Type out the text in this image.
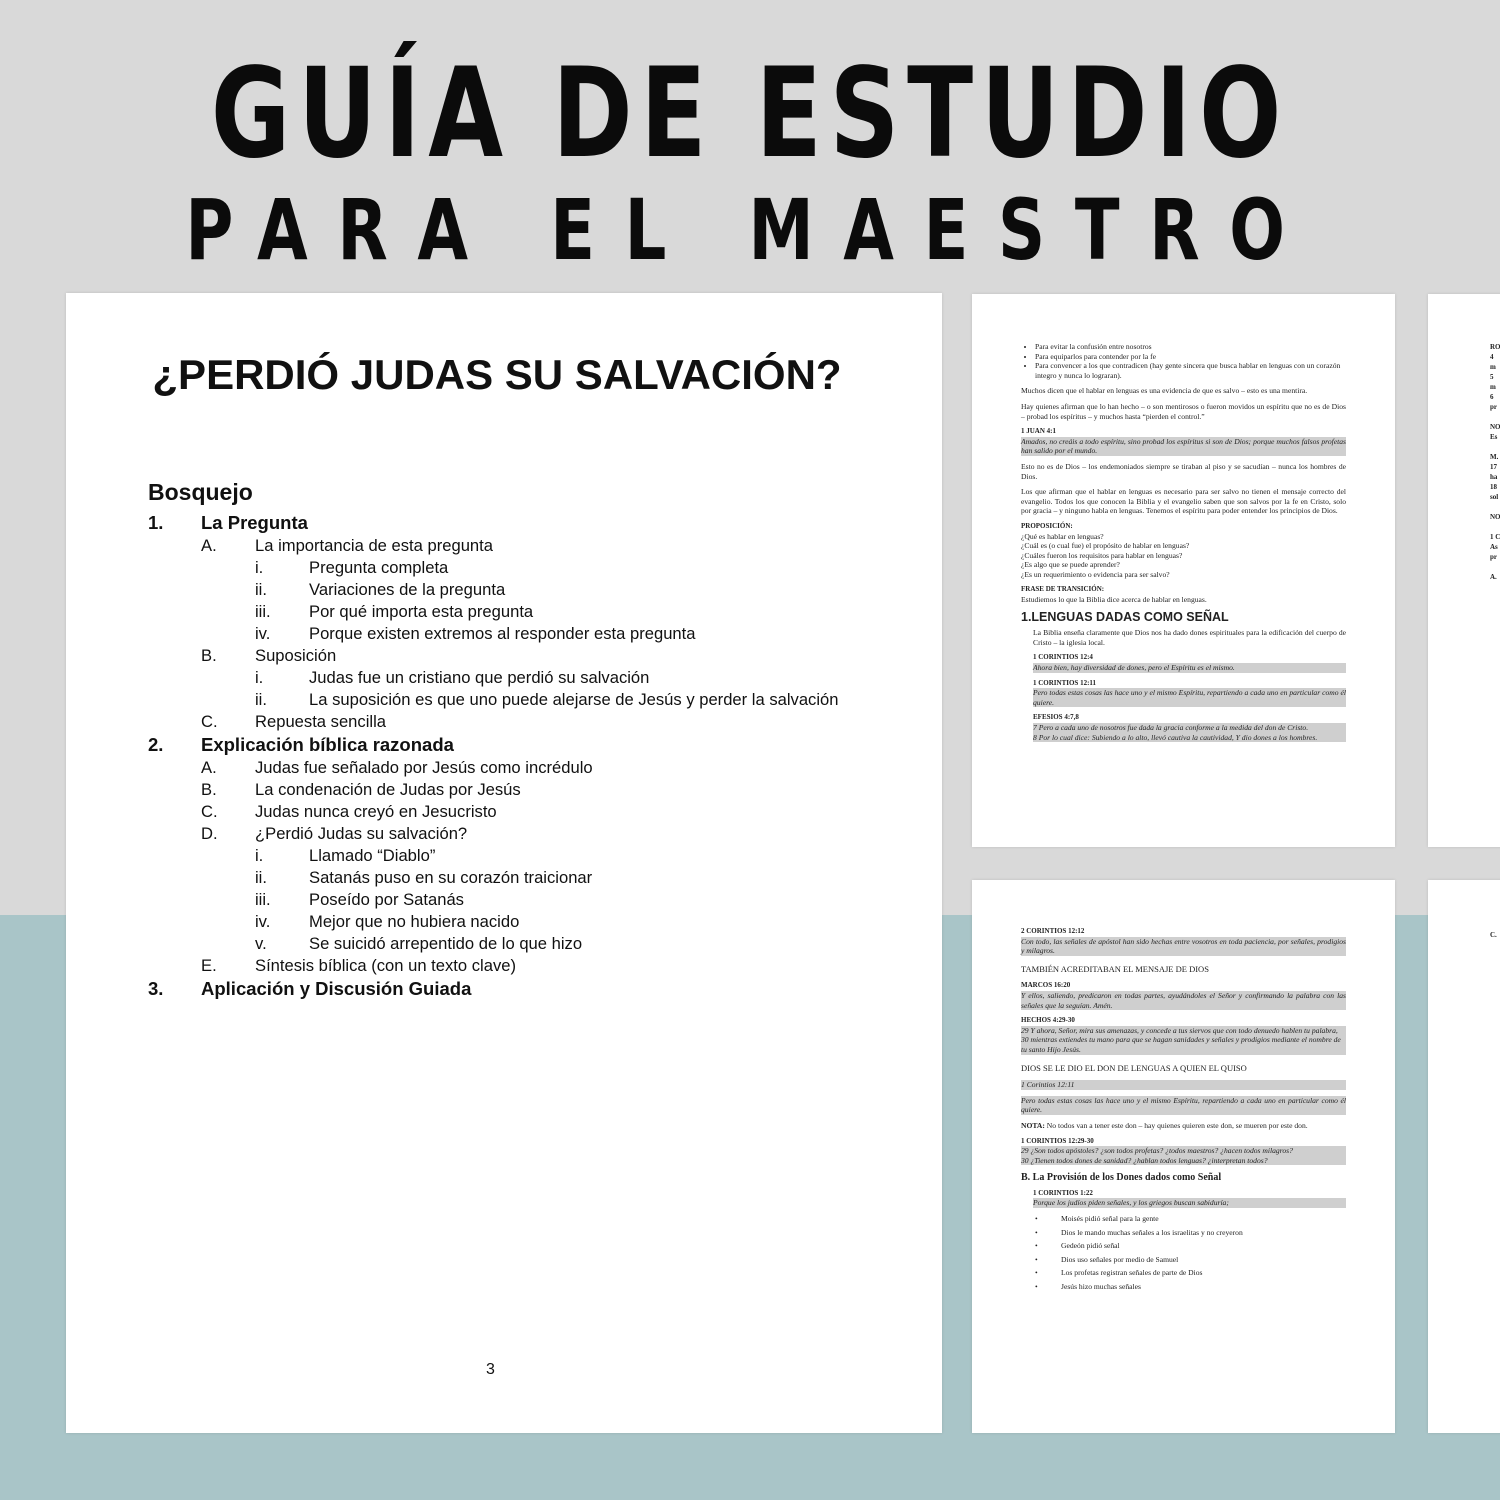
GUÍA DE ESTUDIO
PARA EL MAESTRO
¿PERDIÓ JUDAS SU SALVACIÓN?
Bosquejo
1. La Pregunta
A. La importancia de esta pregunta
i.	Pregunta completa
ii.	Variaciones de la pregunta
iii. Por qué importa esta pregunta
iv. Porque existen extremos al responder esta pregunta
B. Suposición
i.	Judas fue un cristiano que perdió su salvación
ii.	La suposición es que uno puede alejarse de Jesús y perder la salvación
C. Repuesta sencilla
2. Explicación bíblica razonada
A. Judas fue señalado por Jesús como incrédulo
B. La condenación de Judas por Jesús
C. Judas nunca creyó en Jesucristo
D. ¿Perdió Judas su salvación?
i.	Llamado “Diablo”
ii.	Satanás puso en su corazón traicionar
iii. Poseído por Satanás
iv. Mejor que no hubiera nacido
v.	Se suicidó arrepentido de lo que hizo
E. Síntesis bíblica (con un texto clave)
3. Aplicación y Discusión Guiada
3
• Para evitar la confusión entre nosotros
• Para equiparlos para contender por la fe
• Para convencer a los que contradicen (hay gente sincera que busca hablar en lenguas con un corazón integro y nunca lo lograran).

Muchos dicen que el hablar en lenguas es una evidencia de que es salvo – esto es una mentira.

Hay quienes afirman que lo han hecho – o son mentirosos o fueron movidos un espíritu que no es de Dios – probad los espíritus – y muchos hasta “pierden el control.”

1 JUAN 4:1

Amados, no creáis a todo espíritu, sino probad los espíritus si son de Dios; porque muchos falsos profetas han salido por el mundo.

Esto no es de Dios – los endemoniados siempre se tiraban al piso y se sacudían – nunca los hombres de Dios.

Los que afirman que el hablar en lenguas es necesario para ser salvo no tienen el mensaje correcto del evangelio. Todos los que conocen la Biblia y el evangelio saben que son salvos por la fe en Cristo, solo por gracia – y ninguno habla en lenguas. Tenemos el espíritu para poder entender los principios de Dios.

PROPOSICIÓN:

¿Qué es hablar en lenguas?
¿Cuál es (o cual fue) el propósito de hablar en lenguas?
¿Cuáles fueron los requisitos para hablar en lenguas?
¿Es algo que se puede aprender?
¿Es un requerimiento o evidencia para ser salvo?

FRASE DE TRANSICIÓN:

Estudiemos lo que la Biblia dice acerca de hablar en lenguas.

1.LENGUAS DADAS COMO SEÑAL

La Biblia enseña claramente que Dios nos ha dado dones espirituales para la edificación del cuerpo de Cristo – la iglesia local.

1 CORINTIOS 12:4

Ahora bien, hay diversidad de dones, pero el Espíritu es el mismo.

1 CORINTIOS 12:11

Pero todas estas cosas las hace uno y el mismo Espíritu, repartiendo a cada uno en particular como él quiere.

EFESIOS 4:7,8

7 Pero a cada uno de nosotros fue dada la gracia conforme a la medida del don de Cristo.
8 Por lo cual dice: Subiendo a lo alto, llevó cautiva la cautividad, Y dio dones a los hombres.

2 CORINTIOS 12:12

Con todo, las señales de apóstol han sido hechas entre vosotros en toda paciencia, por señales, prodigios y milagros.

TAMBIÉN ACREDITABAN EL MENSAJE DE DIOS

MARCOS 16:20

Y ellos, saliendo, predicaron en todas partes, ayudándoles el Señor y confirmando la palabra con las señales que la seguían. Amén.

HECHOS 4:29-30

29 Y ahora, Señor, mira sus amenazas, y concede a tus siervos que con todo denuedo hablen tu palabra,
30 mientras extiendes tu mano para que se hagan sanidades y señales y prodigios mediante el nombre de tu santo Hijo Jesús.

DIOS SE LE DIO EL DON DE LENGUAS A QUIEN EL QUISO

1 Corintios 12:11

Pero todas estas cosas las hace uno y el mismo Espíritu, repartiendo a cada uno en particular como él quiere.

NOTA: No todos van a tener este don – hay quienes quieren este don, se mueren por este don.

1 CORINTIOS 12:29-30

29 ¿Son todos apóstoles? ¿son todos profetas? ¿todos maestros? ¿hacen todos milagros?
30 ¿Tienen todos dones de sanidad? ¿hablan todos lenguas? ¿interpretan todos?
B. La Provisión de los Dones dados como Señal

1 CORINTIOS 1:22

Porque los judíos piden señales, y los griegos buscan sabiduría;

• Moisés pidió señal para la gente
• Dios le mando muchas señales a los israelitas y no creyeron
• Gedeón pidió señal
• Dios uso señales por medio de Samuel
• Los profetas registran señales de parte de Dios
• Jesús hizo muchas señales
RO
4
m
5
m
6
pr
NO
Es
M.
17
ha
18
sol
NO
1 C
As
pr
A.
C.
